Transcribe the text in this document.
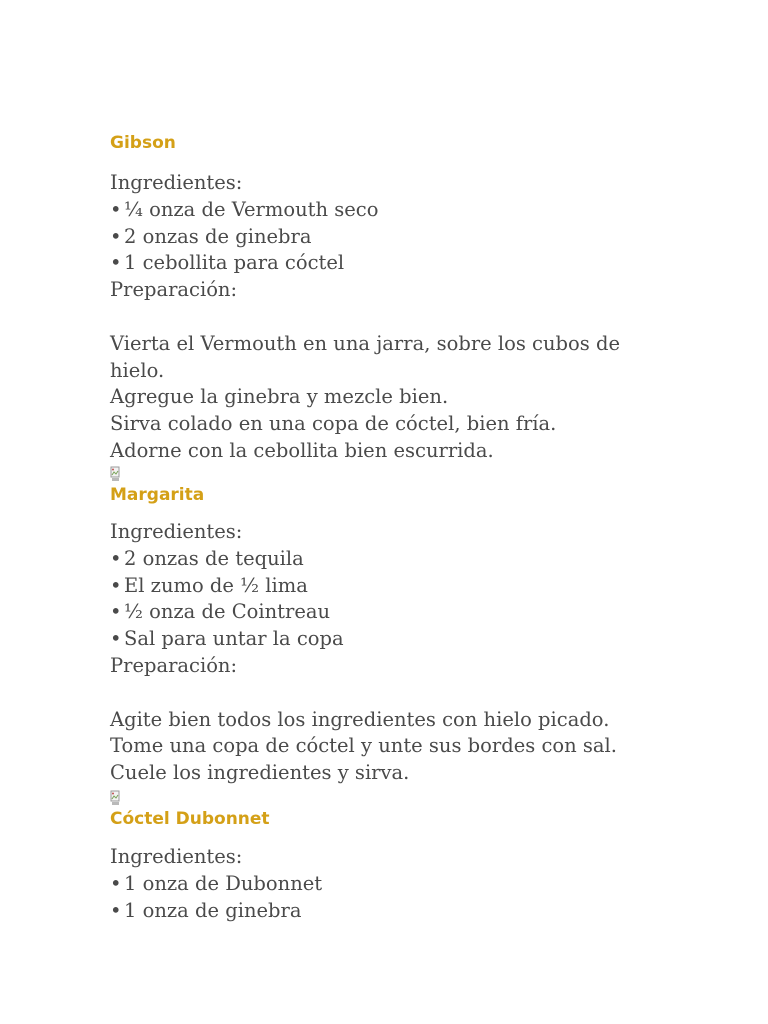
Gibson
Ingredientes:
• ¼ onza de Vermouth seco
• 2 onzas de ginebra
• 1 cebollita para cóctel
Preparación:
Vierta el Vermouth en una jarra, sobre los cubos de hielo.
Agregue la ginebra y mezcle bien.
Sirva colado en una copa de cóctel, bien fría.
Adorne con la cebollita bien escurrida.
Margarita
Ingredientes:
• 2 onzas de tequila
• El zumo de ½ lima
• ½ onza de Cointreau
• Sal para untar la copa
Preparación:
Agite bien todos los ingredientes con hielo picado.
Tome una copa de cóctel y unte sus bordes con sal.
Cuele los ingredientes y sirva.
Cóctel Dubonnet
Ingredientes:
• 1 onza de Dubonnet
• 1 onza de ginebra
